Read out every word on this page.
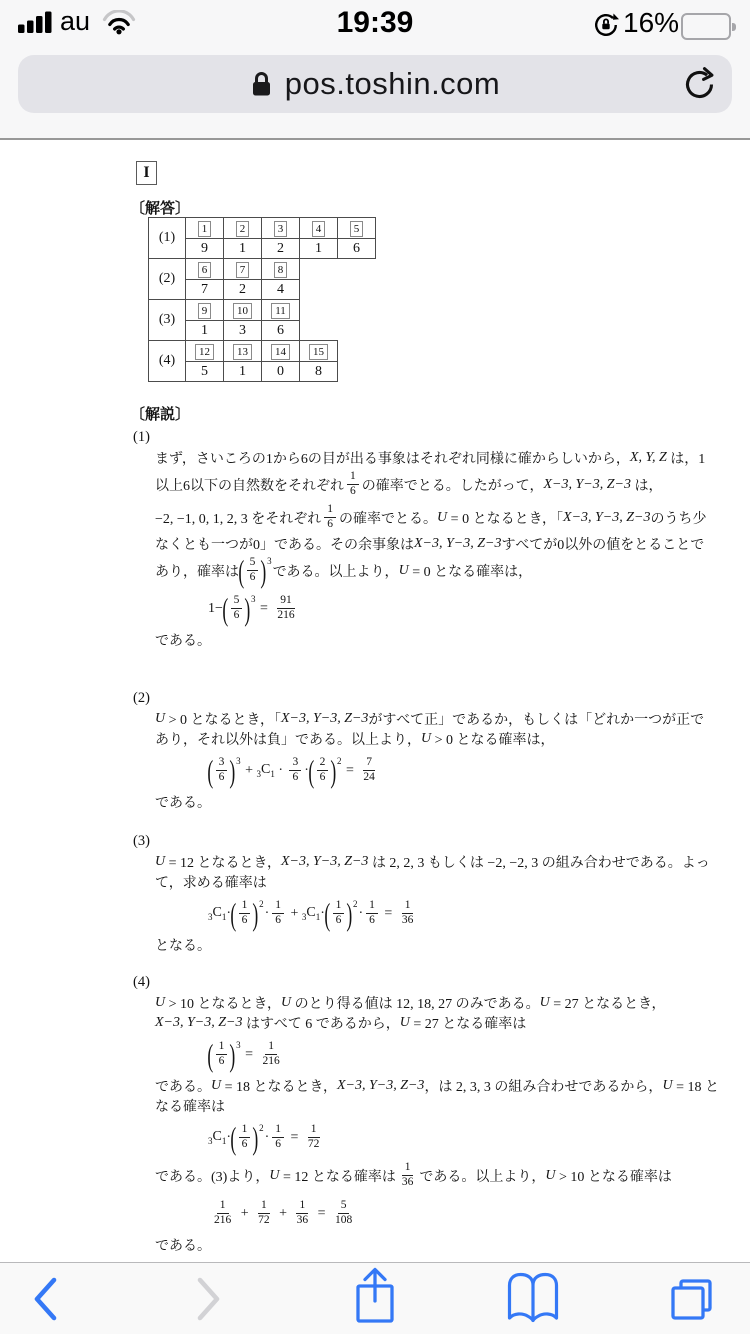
au	19:39	16%
pos.toshin.com
I
〔解答〕
(1)	1	2	3	4	5
	9	1	2	1	6
(2)	6	7	8
	7	2	4
(3)	9	10	11
	1	3	6
(4)	12	13	14	15
	5	1	0	8
〔解説〕
(1)
まず，さいころの1から6の目が出る事象はそれぞれ同様に確からしいから， X, Y, Z は，1
以上6以下の自然数をそれぞれ $\frac{1}{6}$ の確率でとる。したがって， X−3, Y−3, Z−3 は，
−2, −1, 0, 1, 2, 3 をそれぞれ $\frac{1}{6}$ の確率でとる。 U = 0 となるとき，「 X−3, Y−3, Z−3 のうち少
なくとも一つが0」である。その余事象は X−3, Y−3, Z−3 すべてが0以外の値をとることで
あり，確率は ( $\frac{5}{6}$ ) 3
である。以上より， U = 0 となる確率は，
1− ( $\frac{5}{6}$ ) 3
= $\frac{91}{216}$
である。
(2)
U > 0 となるとき，「 X−3, Y−3, Z−3 がすべて正」であるか，もしくは「どれか一つが正で
あり，それ以外は負」である。以上より， U > 0 となる確率は，
( $\frac{3}{6}$ ) 3
+ $_3C_1 \cdot \frac{3}{6}$ · ( $\frac{2}{6}$ ) 2
= $\frac{7}{24}$
である。
(3)
U = 12 となるとき， X−3, Y−3, Z−3 は 2, 2, 3 もしくは −2, −2, 3 の組み合わせである。よっ
て，求める確率は
$_3C_1$ · ( $\frac{1}{6}$ ) 2
· $\frac{1}{6} + _3C_1$ · ( $\frac{1}{6}$ ) 2
· $\frac{1}{6} = \frac{1}{36}$
となる。
(4)
U > 10 となるとき， U のとり得る値は 12, 18, 27 のみである。 U = 27 となるとき，
X−3, Y−3, Z−3 はすべて 6 であるから， U = 27 となる確率は
( $\frac{1}{6}$ ) 3
= $\frac{1}{216}$
である。 U = 18 となるとき， X−3, Y−3, Z−3 ，は 2, 3, 3 の組み合わせであるから， U = 18 と
なる確率は
$_3C_1$ · ( $\frac{1}{6}$ ) 2
· $\frac{1}{6} = \frac{1}{72}$
である。(3)より， U = 12 となる確率は $\frac{1}{36}$ である。以上より， U > 10 となる確率は
$\frac{1}{216} + \frac{1}{72} + \frac{1}{36} = \frac{5}{108}$
である。
